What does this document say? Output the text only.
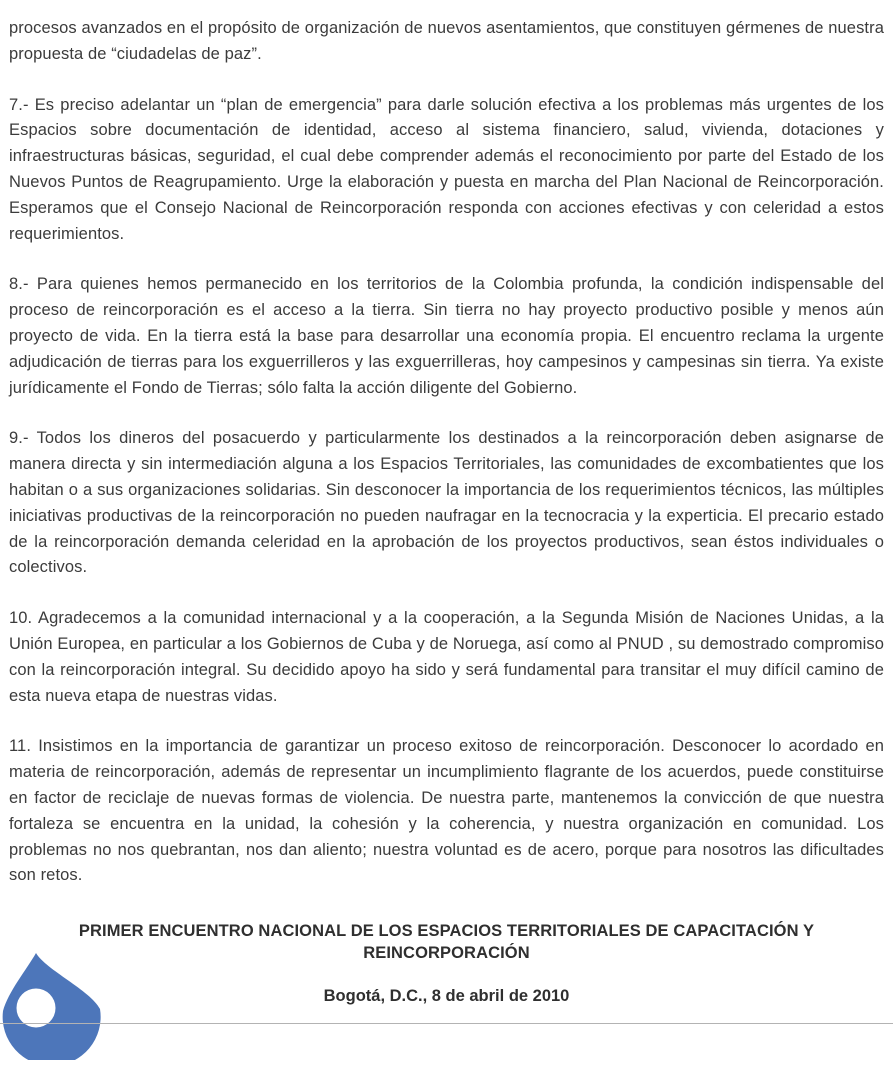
procesos avanzados en el propósito de organización de nuevos asentamientos, que constituyen gérmenes de nuestra propuesta de “ciudadelas de paz”.

7.- Es preciso adelantar un “plan de emergencia” para darle solución efectiva a los problemas más urgentes de los Espacios sobre documentación de identidad, acceso al sistema financiero, salud, vivienda, dotaciones y infraestructuras básicas, seguridad, el cual debe comprender además el reconocimiento por parte del Estado de los Nuevos Puntos de Reagrupamiento. Urge la elaboración y puesta en marcha del Plan Nacional de Reincorporación. Esperamos que el Consejo Nacional de Reincorporación responda con acciones efectivas y con celeridad a estos requerimientos.

8.- Para quienes hemos permanecido en los territorios de la Colombia profunda, la condición indispensable del proceso de reincorporación es el acceso a la tierra. Sin tierra no hay proyecto productivo posible y menos aún proyecto de vida. En la tierra está la base para desarrollar una economía propia. El encuentro reclama la urgente adjudicación de tierras para los exguerrilleros y las exguerrilleras, hoy campesinos y campesinas sin tierra. Ya existe jurídicamente el Fondo de Tierras; sólo falta la acción diligente del Gobierno.

9.- Todos los dineros del posacuerdo y particularmente los destinados a la reincorporación deben asignarse de manera directa y sin intermediación alguna a los Espacios Territoriales, las comunidades de excombatientes que los habitan o a sus organizaciones solidarias. Sin desconocer la importancia de los requerimientos técnicos, las múltiples iniciativas productivas de la reincorporación no pueden naufragar en la tecnocracia y la experticia. El precario estado de la reincorporación demanda celeridad en la aprobación de los proyectos productivos, sean éstos individuales o colectivos.

10. Agradecemos a la comunidad internacional y a la cooperación, a la Segunda Misión de Naciones Unidas, a la Unión Europea, en particular a los Gobiernos de Cuba y de Noruega, así como al PNUD , su demostrado compromiso con la reincorporación integral. Su decidido apoyo ha sido y será fundamental para transitar el muy difícil camino de esta nueva etapa de nuestras vidas.

11. Insistimos en la importancia de garantizar un proceso exitoso de reincorporación. Desconocer lo acordado en materia de reincorporación, además de representar un incumplimiento flagrante de los acuerdos, puede constituirse en factor de reciclaje de nuevas formas de violencia. De nuestra parte, mantenemos la convicción de que nuestra fortaleza se encuentra en la unidad, la cohesión y la coherencia, y nuestra organización en comunidad. Los problemas no nos quebrantan, nos dan aliento; nuestra voluntad es de acero, porque para nosotros las dificultades son retos.

PRIMER ENCUENTRO NACIONAL DE LOS ESPACIOS TERRITORIALES DE CAPACITACIÓN Y REINCORPORACIÓN

Bogotá, D.C., 8 de abril de 2010
